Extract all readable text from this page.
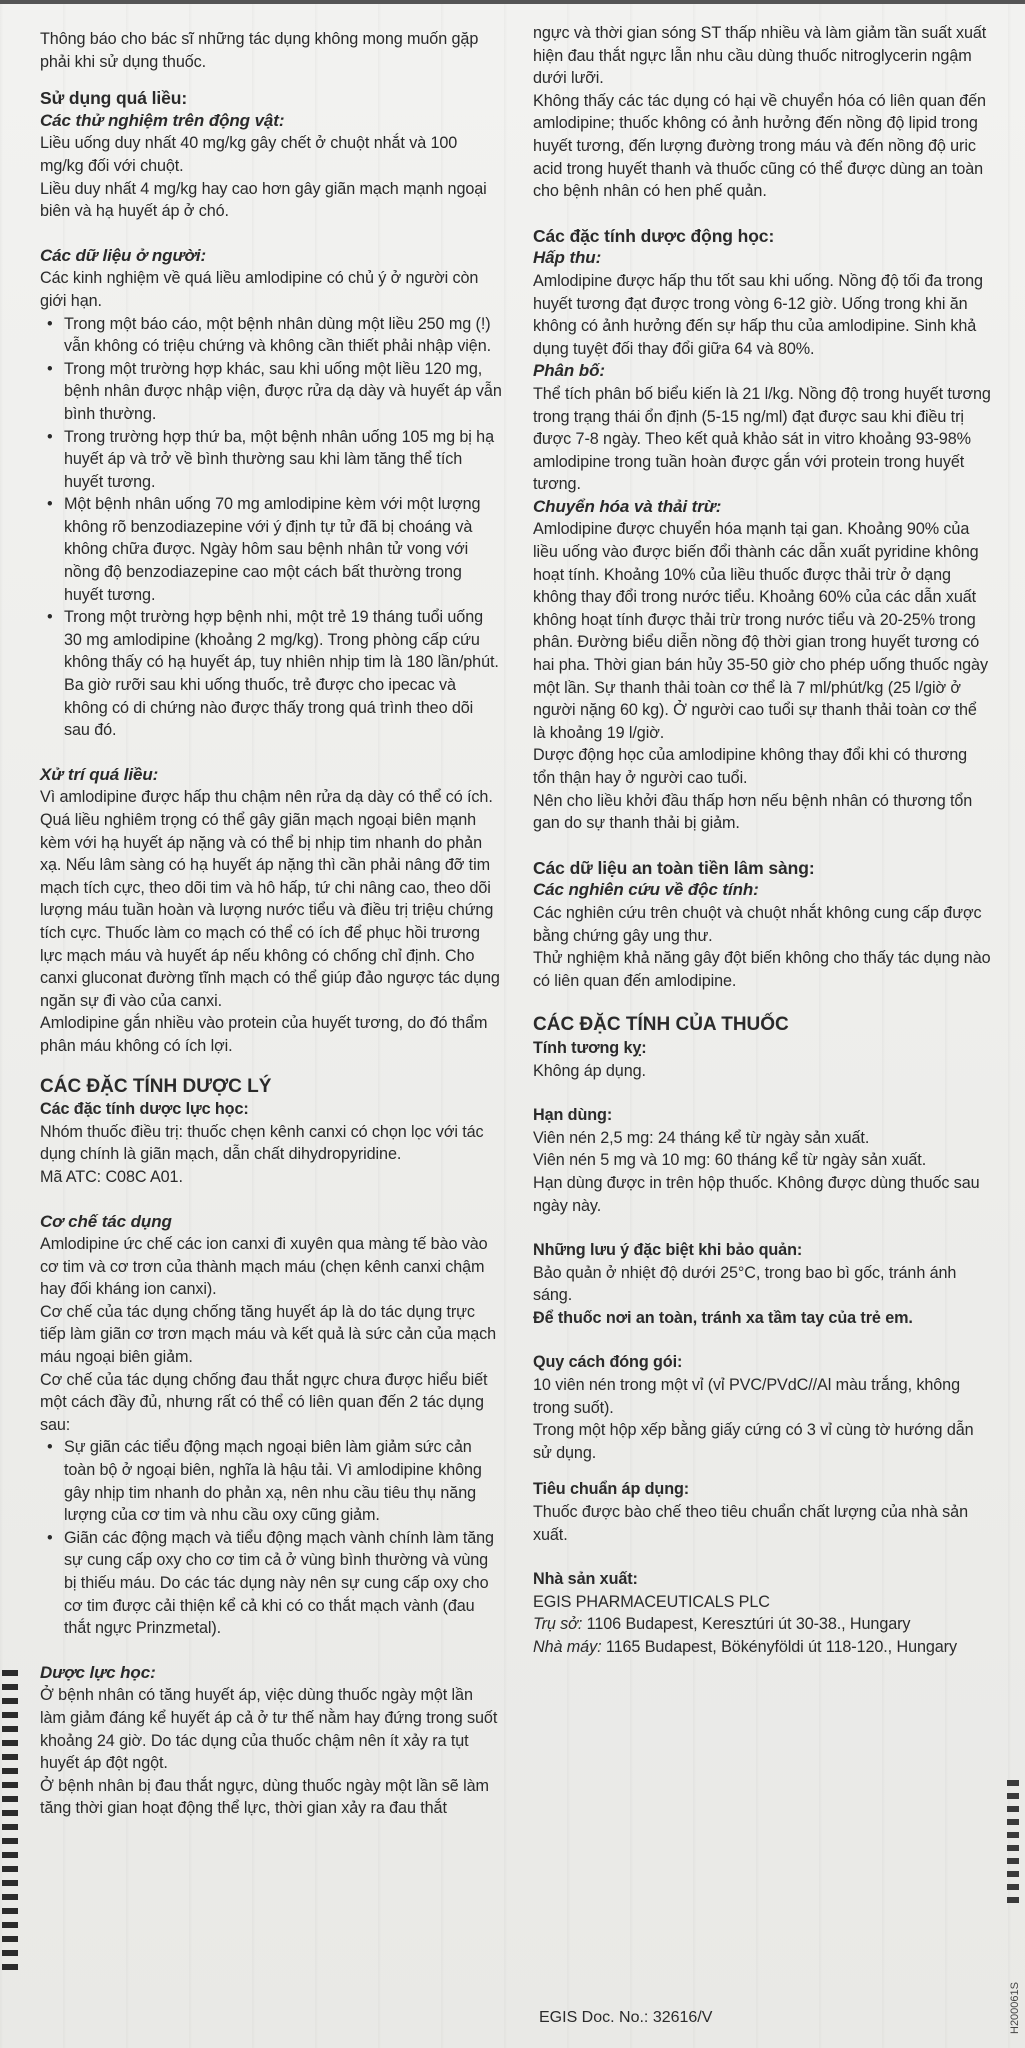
Thông báo cho bác sĩ những tác dụng không mong muốn gặp phải khi sử dụng thuốc.

Sử dụng quá liều:

Các thử nghiệm trên động vật:

Liều uống duy nhất 40 mg/kg gây chết ở chuột nhắt và 100 mg/kg đối với chuột.

Liều duy nhất 4 mg/kg hay cao hơn gây giãn mạch mạnh ngoại biên và hạ huyết áp ở chó.

Các dữ liệu ở người:

Các kinh nghiệm về quá liều amlodipine có chủ ý ở người còn giới hạn.

• Trong một báo cáo, một bệnh nhân dùng một liều 250 mg (!) vẫn không có triệu chứng và không cần thiết phải nhập viện.
• Trong một trường hợp khác, sau khi uống một liều 120 mg, bệnh nhân được nhập viện, được rửa dạ dày và huyết áp vẫn bình thường.
• Trong trường hợp thứ ba, một bệnh nhân uống 105 mg bị hạ huyết áp và trở về bình thường sau khi làm tăng thể tích huyết tương.
• Một bệnh nhân uống 70 mg amlodipine kèm với một lượng không rõ benzodiazepine với ý định tự tử đã bị choáng và không chữa được. Ngày hôm sau bệnh nhân tử vong với nồng độ benzodiazepine cao một cách bất thường trong huyết tương.
• Trong một trường hợp bệnh nhi, một trẻ 19 tháng tuổi uống 30 mg amlodipine (khoảng 2 mg/kg). Trong phòng cấp cứu không thấy có hạ huyết áp, tuy nhiên nhịp tim là 180 lần/phút. Ba giờ rưỡi sau khi uống thuốc, trẻ được cho ipecac và không có di chứng nào được thấy trong quá trình theo dõi sau đó.

Xử trí quá liều:

Vì amlodipine được hấp thu chậm nên rửa dạ dày có thể có ích. Quá liều nghiêm trọng có thể gây giãn mạch ngoại biên mạnh kèm với hạ huyết áp nặng và có thể bị nhịp tim nhanh do phản xạ. Nếu lâm sàng có hạ huyết áp nặng thì cần phải nâng đỡ tim mạch tích cực, theo dõi tim và hô hấp, tứ chi nâng cao, theo dõi lượng máu tuần hoàn và lượng nước tiểu và điều trị triệu chứng tích cực. Thuốc làm co mạch có thể có ích để phục hồi trương lực mạch máu và huyết áp nếu không có chống chỉ định. Cho canxi gluconat đường tĩnh mạch có thể giúp đảo ngược tác dụng ngăn sự đi vào của canxi.

Amlodipine gắn nhiều vào protein của huyết tương, do đó thẩm phân máu không có ích lợi.

CÁC ĐẶC TÍNH DƯỢC LÝ

Các đặc tính dược lực học:

Nhóm thuốc điều trị: thuốc chẹn kênh canxi có chọn lọc với tác dụng chính là giãn mạch, dẫn chất dihydropyridine.

Mã ATC: C08C A01.

Cơ chế tác dụng

Amlodipine ức chế các ion canxi đi xuyên qua màng tế bào vào cơ tim và cơ trơn của thành mạch máu (chẹn kênh canxi chậm hay đối kháng ion canxi).

Cơ chế của tác dụng chống tăng huyết áp là do tác dụng trực tiếp làm giãn cơ trơn mạch máu và kết quả là sức cản của mạch máu ngoại biên giảm.

Cơ chế của tác dụng chống đau thắt ngực chưa được hiểu biết một cách đầy đủ, nhưng rất có thể có liên quan đến 2 tác dụng sau:

• Sự giãn các tiểu động mạch ngoại biên làm giảm sức cản toàn bộ ở ngoại biên, nghĩa là hậu tải. Vì amlodipine không gây nhịp tim nhanh do phản xạ, nên nhu cầu tiêu thụ năng lượng của cơ tim và nhu cầu oxy cũng giảm.
• Giãn các động mạch và tiểu động mạch vành chính làm tăng sự cung cấp oxy cho cơ tim cả ở vùng bình thường và vùng bị thiếu máu. Do các tác dụng này nên sự cung cấp oxy cho cơ tim được cải thiện kể cả khi có co thắt mạch vành (đau thắt ngực Prinzmetal).

Dược lực học:

Ở bệnh nhân có tăng huyết áp, việc dùng thuốc ngày một lần làm giảm đáng kể huyết áp cả ở tư thế nằm hay đứng trong suốt khoảng 24 giờ. Do tác dụng của thuốc chậm nên ít xảy ra tụt huyết áp đột ngột.

Ở bệnh nhân bị đau thắt ngực, dùng thuốc ngày một lần sẽ làm tăng thời gian hoạt động thể lực, thời gian xảy ra đau thắt

ngực và thời gian sóng ST thấp nhiều và làm giảm tần suất xuất hiện đau thắt ngực lẫn nhu cầu dùng thuốc nitroglycerin ngậm dưới lưỡi.

Không thấy các tác dụng có hại về chuyển hóa có liên quan đến amlodipine; thuốc không có ảnh hưởng đến nồng độ lipid trong huyết tương, đến lượng đường trong máu và đến nồng độ uric acid trong huyết thanh và thuốc cũng có thể được dùng an toàn cho bệnh nhân có hen phế quản.

Các đặc tính dược động học:

Hấp thu:

Amlodipine được hấp thu tốt sau khi uống. Nồng độ tối đa trong huyết tương đạt được trong vòng 6-12 giờ. Uống trong khi ăn không có ảnh hưởng đến sự hấp thu của amlodipine. Sinh khả dụng tuyệt đối thay đổi giữa 64 và 80%.

Phân bố:

Thể tích phân bố biểu kiến là 21 l/kg. Nồng độ trong huyết tương trong trạng thái ổn định (5-15 ng/ml) đạt được sau khi điều trị được 7-8 ngày. Theo kết quả khảo sát in vitro khoảng 93-98% amlodipine trong tuần hoàn được gắn với protein trong huyết tương.

Chuyển hóa và thải trừ:

Amlodipine được chuyển hóa mạnh tại gan. Khoảng 90% của liều uống vào được biến đổi thành các dẫn xuất pyridine không hoạt tính. Khoảng 10% của liều thuốc được thải trừ ở dạng không thay đổi trong nước tiểu. Khoảng 60% của các dẫn xuất không hoạt tính được thải trừ trong nước tiểu và 20-25% trong phân. Đường biểu diễn nồng độ thời gian trong huyết tương có hai pha. Thời gian bán hủy 35-50 giờ cho phép uống thuốc ngày một lần. Sự thanh thải toàn cơ thể là 7 ml/phút/kg (25 l/giờ ở người nặng 60 kg). Ở người cao tuổi sự thanh thải toàn cơ thể là khoảng 19 l/giờ.

Dược động học của amlodipine không thay đổi khi có thương tổn thận hay ở người cao tuổi.

Nên cho liều khởi đầu thấp hơn nếu bệnh nhân có thương tổn gan do sự thanh thải bị giảm.

Các dữ liệu an toàn tiền lâm sàng:

Các nghiên cứu về độc tính:

Các nghiên cứu trên chuột và chuột nhắt không cung cấp được bằng chứng gây ung thư.

Thử nghiệm khả năng gây đột biến không cho thấy tác dụng nào có liên quan đến amlodipine.

CÁC ĐẶC TÍNH CỦA THUỐC

Tính tương kỵ:

Không áp dụng.

Hạn dùng:

Viên nén 2,5 mg: 24 tháng kể từ ngày sản xuất.

Viên nén 5 mg và 10 mg: 60 tháng kể từ ngày sản xuất.

Hạn dùng được in trên hộp thuốc. Không được dùng thuốc sau ngày này.

Những lưu ý đặc biệt khi bảo quản:

Bảo quản ở nhiệt độ dưới 25°C, trong bao bì gốc, tránh ánh sáng.

Để thuốc nơi an toàn, tránh xa tầm tay của trẻ em.

Quy cách đóng gói:

10 viên nén trong một vỉ (vỉ PVC/PVdC//Al màu trắng, không trong suốt).

Trong một hộp xếp bằng giấy cứng có 3 vỉ cùng tờ hướng dẫn sử dụng.

Tiêu chuẩn áp dụng:

Thuốc được bào chế theo tiêu chuẩn chất lượng của nhà sản xuất.

Nhà sản xuất:

EGIS PHARMACEUTICALS PLC

Trụ sở: 1106 Budapest, Keresztúri út 30-38., Hungary

Nhà máy: 1165 Budapest, Bökényföldi út 118-120., Hungary

EGIS Doc. No.: 32616/V	H200061S
